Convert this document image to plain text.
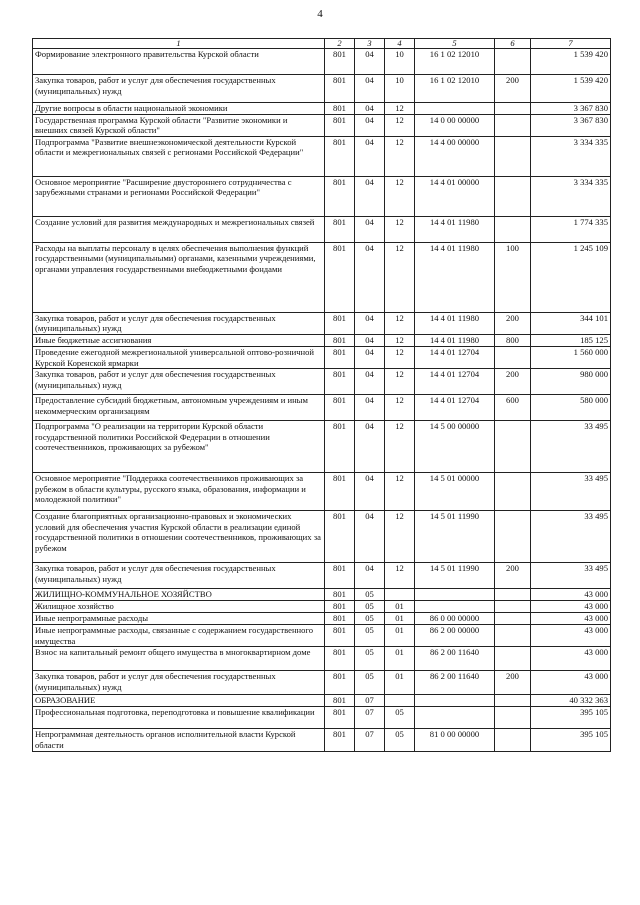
4
1	2	3	4	5	6	7
Формирование электронного правительства Курской области	801	04	10	16 1 02 12010		1 539 420
Закупка товаров, работ и услуг для обеспечения государственных (муниципальных) нужд	801	04	10	16 1 02 12010	200	1 539 420
Другие вопросы в области национальной экономики	801	04	12			3 367 830
Государственная программа Курской области "Развитие экономики и внешних связей Курской области"	801	04	12	14 0 00 00000		3 367 830
Подпрограмма "Развитие внешнеэкономической деятельности Курской области и межрегиональных связей с регионами Российской Федерации"	801	04	12	14 4 00 00000		3 334 335
Основное мероприятие "Расширение двустороннего сотрудничества с зарубежными странами и регионами Российской Федерации"	801	04	12	14 4 01 00000		3 334 335
Создание условий для развития международных и межрегиональных связей	801	04	12	14 4 01 11980		1 774 335
Расходы на выплаты персоналу в целях обеспечения выполнения функций государственными (муниципальными) органами, казенными учреждениями, органами управления государственными внебюджетными фондами	801	04	12	14 4 01 11980	100	1 245 109
Закупка товаров, работ и услуг для обеспечения государственных (муниципальных) нужд	801	04	12	14 4 01 11980	200	344 101
Иные бюджетные ассигнования	801	04	12	14 4 01 11980	800	185 125
Проведение ежегодной межрегиональной универсальной оптово-розничной Курской Коренской ярмарки	801	04	12	14 4 01 12704		1 560 000
Закупка товаров, работ и услуг для обеспечения государственных (муниципальных) нужд	801	04	12	14 4 01 12704	200	980 000
Предоставление субсидий бюджетным, автономным учреждениям и иным некоммерческим организациям	801	04	12	14 4 01 12704	600	580 000
Подпрограмма "О реализации на территории Курской области государственной политики Российской Федерации в отношении соотечественников, проживающих за рубежом"	801	04	12	14 5 00 00000		33 495
Основное мероприятие "Поддержка соотечественников проживающих за рубежом в области культуры, русского языка, образования, информации и молодежной политики"	801	04	12	14 5 01 00000		33 495
Создание благоприятных организационно-правовых и экономических условий для обеспечения участия Курской области в реализации единой государственной политики в отношении соотечественников, проживающих за рубежом	801	04	12	14 5 01 11990		33 495
Закупка товаров, работ и услуг для обеспечения государственных (муниципальных) нужд	801	04	12	14 5 01 11990	200	33 495
ЖИЛИЩНО-КОММУНАЛЬНОЕ ХОЗЯЙСТВО	801	05				43 000
Жилищное хозяйство	801	05	01			43 000
Иные непрограммные расходы	801	05	01	86 0 00 00000		43 000
Иные непрограммные расходы, связанные с содержанием государственного имущества	801	05	01	86 2 00 00000		43 000
Взнос на капитальный ремонт общего имущества в многоквартирном доме	801	05	01	86 2 00 11640		43 000
Закупка товаров, работ и услуг для обеспечения государственных (муниципальных) нужд	801	05	01	86 2 00 11640	200	43 000
ОБРАЗОВАНИЕ	801	07				40 332 363
Профессиональная подготовка, переподготовка и повышение квалификации	801	07	05			395 105
Непрограммная деятельность органов исполнительной власти Курской области	801	07	05	81 0 00 00000		395 105
